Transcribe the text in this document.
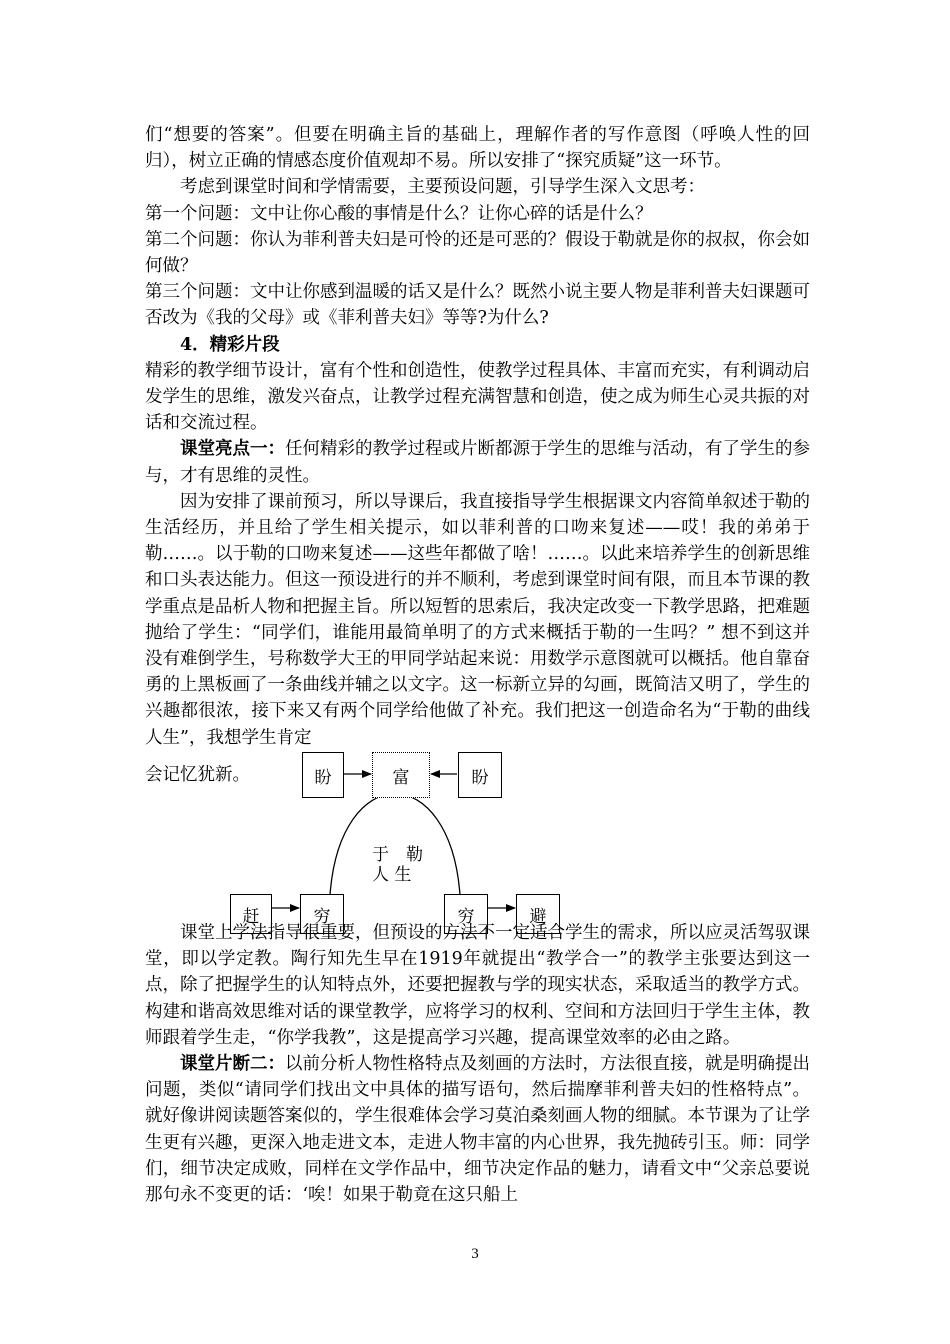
们“想要的答案”。但要在明确主旨的基础上，理解作者的写作意图（呼唤人性的回归），树立正确的情感态度价值观却不易。所以安排了“探究质疑”这一环节。

考虑到课堂时间和学情需要，主要预设问题，引导学生深入文思考：

第一个问题：文中让你心酸的事情是什么？让你心碎的话是什么？

第二个问题：你认为菲利普夫妇是可怜的还是可恶的？假设于勒就是你的叔叔，你会如何做？

第三个问题：文中让你感到温暖的话又是什么？既然小说主要人物是菲利普夫妇课题可否改为《我的父母》或《菲利普夫妇》等等?为什么?

4．精彩片段

精彩的教学细节设计，富有个性和创造性，使教学过程具体、丰富而充实，有利调动启发学生的思维，激发兴奋点，让教学过程充满智慧和创造，使之成为师生心灵共振的对话和交流过程。

课堂亮点一：任何精彩的教学过程或片断都源于学生的思维与活动，有了学生的参与，才有思维的灵性。

因为安排了课前预习，所以导课后，我直接指导学生根据课文内容简单叙述于勒的生活经历，并且给了学生相关提示，如以菲利普的口吻来复述——哎！我的弟弟于勒……。以于勒的口吻来复述——这些年都做了啥！……。以此来培养学生的创新思维和口头表达能力。但这一预设进行的并不顺利，考虑到课堂时间有限，而且本节课的教学重点是品析人物和把握主旨。所以短暂的思索后，我决定改变一下教学思路，把难题抛给了学生：“同学们，谁能用最简单明了的方式来概括于勒的一生吗？” 想不到这并没有难倒学生，号称数学大王的甲同学站起来说：用数学示意图就可以概括。他自靠奋勇的上黑板画了一条曲线并辅之以文字。这一标新立异的勾画，既简洁又明了，学生的兴趣都很浓，接下来又有两个同学给他做了补充。我们把这一创造命名为“于勒的曲线人生”，我想学生肯定

会记忆犹新。	盼	富	盼
于　勒
人 生
赶	穷	穷	避

课堂上学法指导很重要，但预设的方法不一定适合学生的需求，所以应灵活驾驭课堂，即以学定教。陶行知先生早在1919年就提出“教学合一”的教学主张要达到这一点，除了把握学生的认知特点外，还要把握教与学的现实状态，采取适当的教学方式。构建和谐高效思维对话的课堂教学，应将学习的权利、空间和方法回归于学生主体，教师跟着学生走，“你学我教”，这是提高学习兴趣，提高课堂效率的必由之路。

课堂片断二：以前分析人物性格特点及刻画的方法时，方法很直接，就是明确提出问题，类似“请同学们找出文中具体的描写语句，然后揣摩菲利普夫妇的性格特点”。就好像讲阅读题答案似的，学生很难体会学习莫泊桑刻画人物的细腻。本节课为了让学生更有兴趣，更深入地走进文本，走进人物丰富的内心世界，我先抛砖引玉。师：同学们，细节决定成败，同样在文学作品中，细节决定作品的魅力，请看文中“父亲总要说那句永不变更的话：‘唉！如果于勒竟在这只船上

3
